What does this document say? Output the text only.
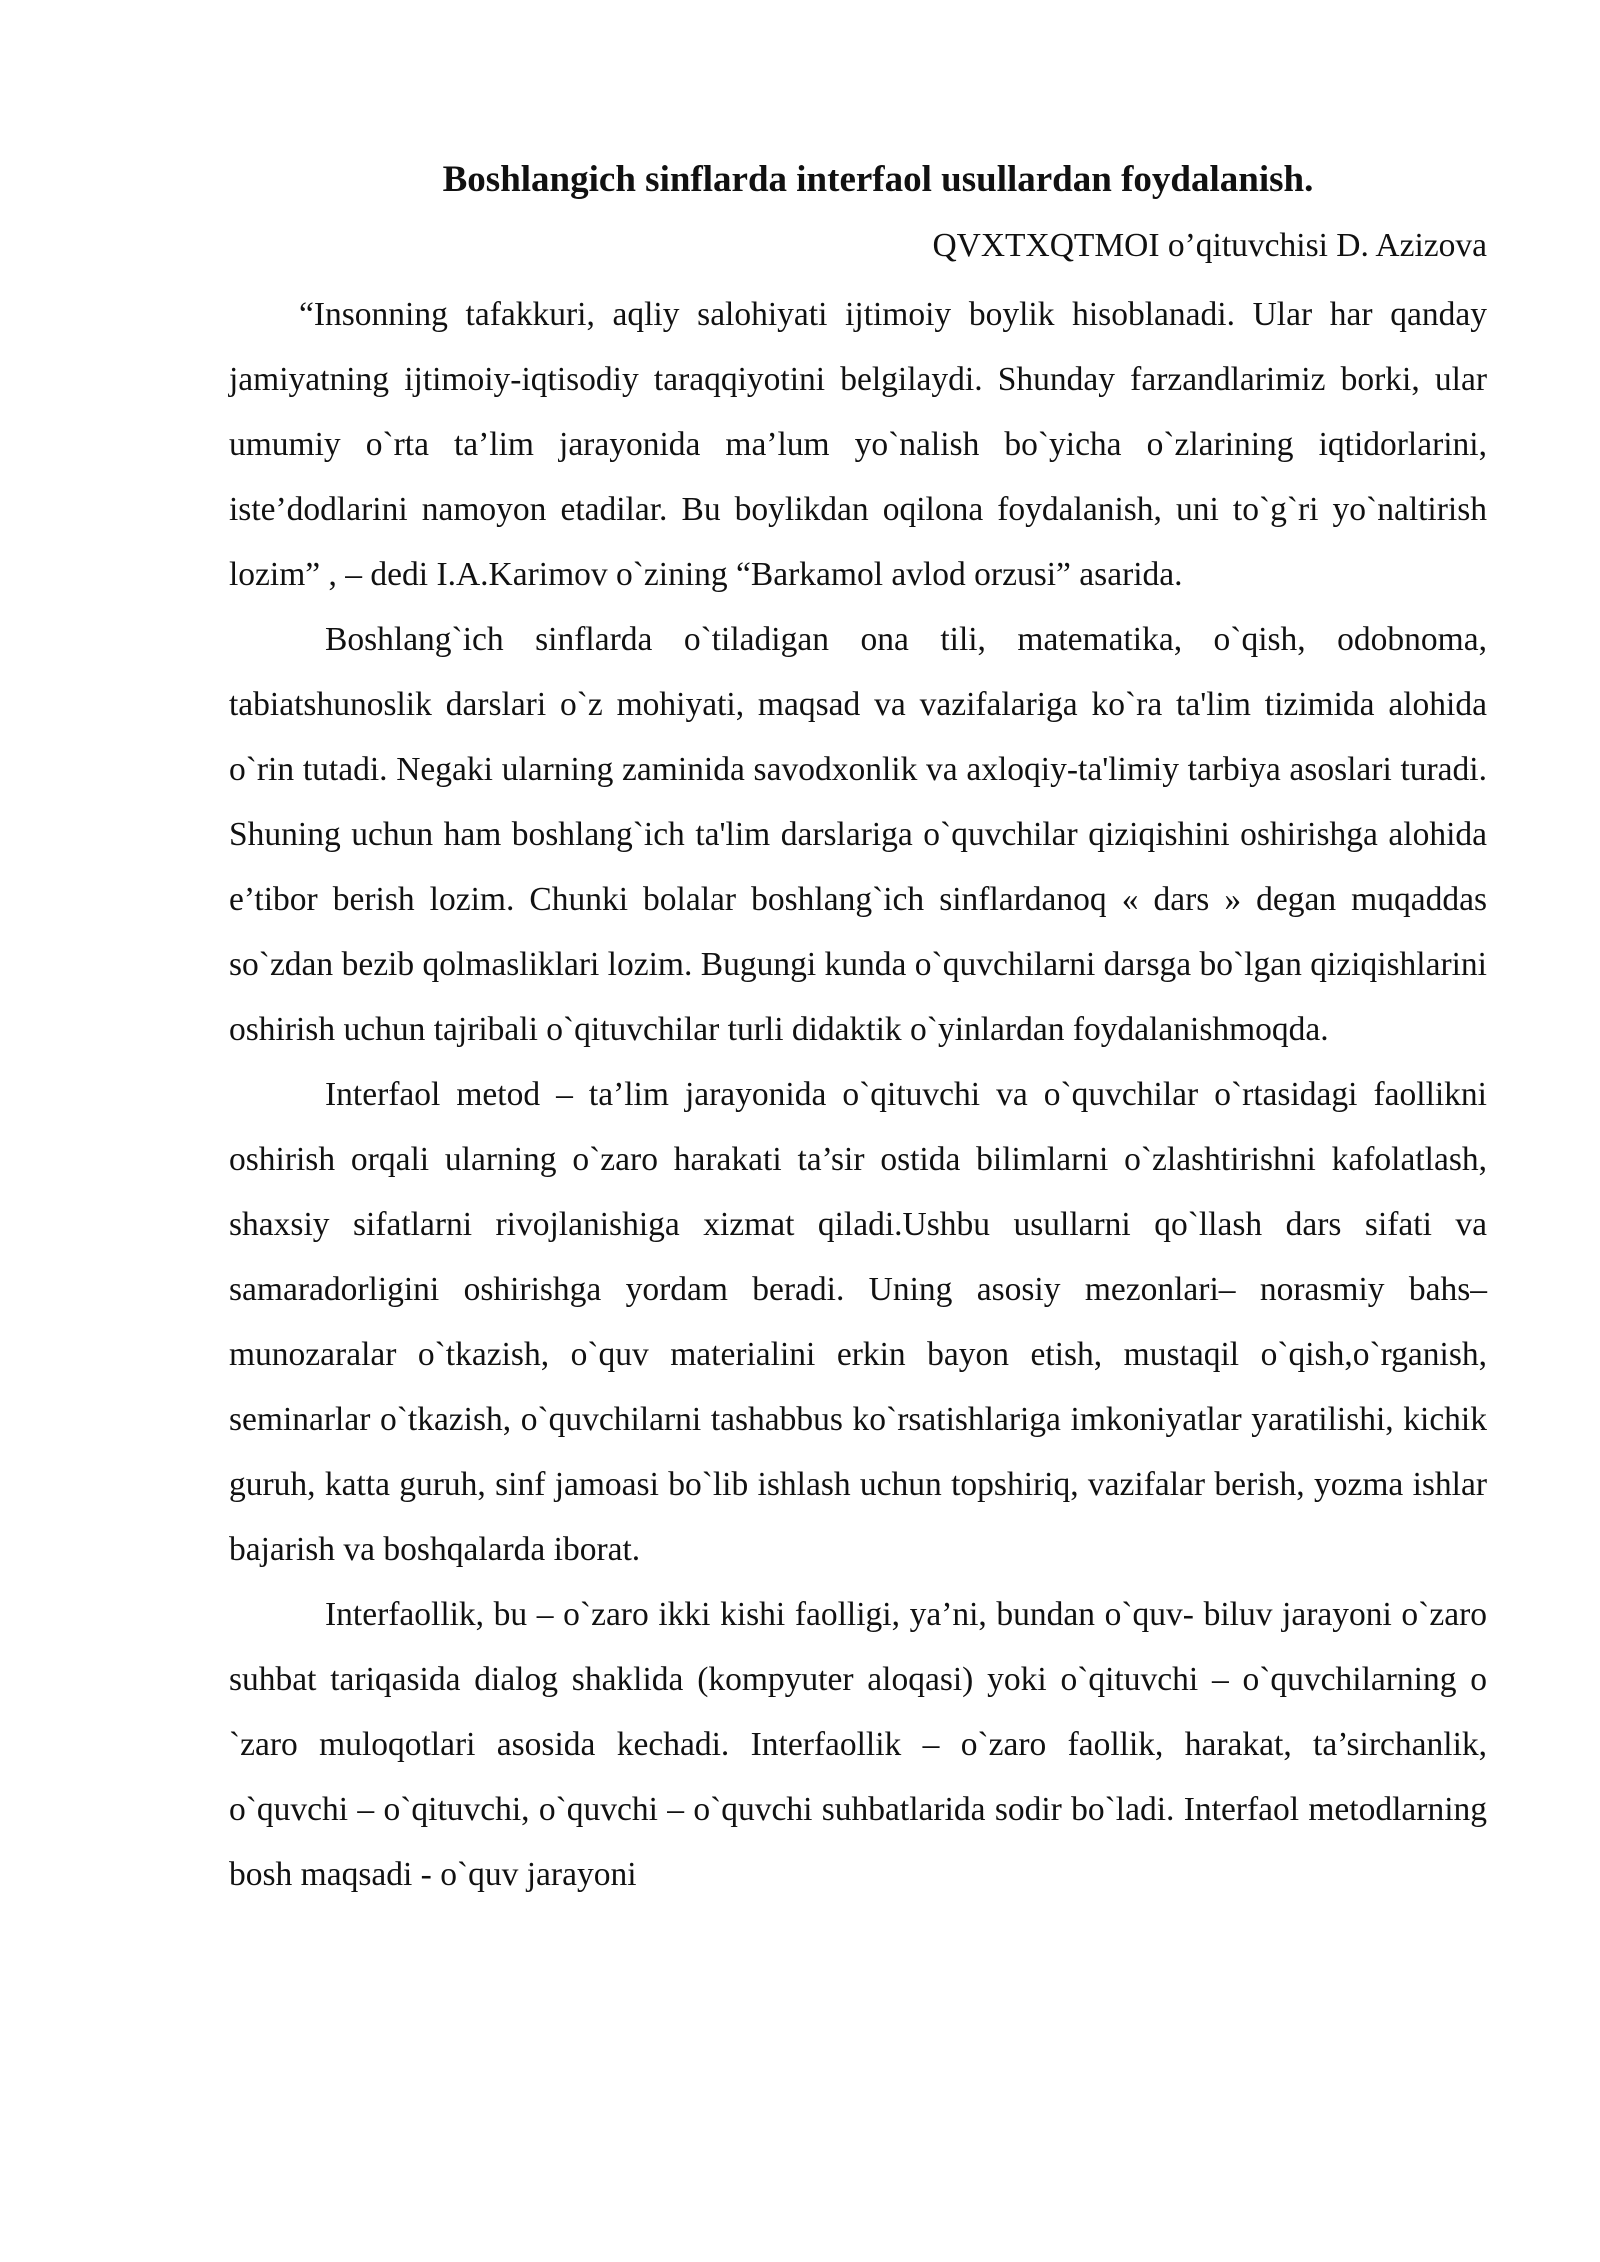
Boshlangich sinflarda interfaol usullardan foydalanish.

QVXTXQTMOI o’qituvchisi D. Azizova

“Insonning tafakkuri, aqliy salohiyati ijtimoiy boylik hisoblanadi. Ular har qanday jamiyatning ijtimoiy-iqtisodiy taraqqiyotini belgilaydi. Shunday farzandlarimiz borki, ular umumiy o`rta ta’lim jarayonida ma’lum yo`nalish bo`yicha o`zlarining iqtidorlarini, iste’dodlarini namoyon etadilar. Bu boylikdan oqilona foydalanish, uni to`g`ri yo`naltirish lozim” , – dedi I.A.Karimov o`zining “Barkamol avlod orzusi” asarida.

Boshlang`ich sinflarda o`tiladigan ona tili, matematika, o`qish, odobnoma, tabiatshunoslik darslari o`z mohiyati, maqsad va vazifalariga ko`ra ta'lim tizimida alohida o`rin tutadi. Negaki ularning zaminida savodxonlik va axloqiy-ta'limiy tarbiya asoslari turadi. Shuning uchun ham boshlang`ich ta'lim darslariga o`quvchilar qiziqishini oshirishga alohida e’tibor berish lozim. Chunki bolalar boshlang`ich sinflardanoq « dars » degan muqaddas so`zdan bezib qolmasliklari lozim. Bugungi kunda o`quvchilarni darsga bo`lgan qiziqishlarini oshirish uchun tajribali o`qituvchilar turli didaktik o`yinlardan foydalanishmoqda.

Interfaol metod – ta’lim jarayonida o`qituvchi va o`quvchilar o`rtasidagi faollikni oshirish orqali ularning o`zaro harakati ta’sir ostida bilimlarni o`zlashtirishni kafolatlash, shaxsiy sifatlarni rivojlanishiga xizmat qiladi.Ushbu usullarni qo`llash dars sifati va samaradorligini oshirishga yordam beradi. Uning asosiy mezonlari– norasmiy bahs– munozaralar o`tkazish, o`quv materialini erkin bayon etish, mustaqil o`qish,o`rganish, seminarlar o`tkazish, o`quvchilarni tashabbus ko`rsatishlariga imkoniyatlar yaratilishi, kichik guruh, katta guruh, sinf jamoasi bo`lib ishlash uchun topshiriq, vazifalar berish, yozma ishlar bajarish va boshqalarda iborat.

Interfaollik, bu – o`zaro ikki kishi faolligi, ya’ni, bundan o`quv- biluv jarayoni o`zaro suhbat tariqasida dialog shaklida (kompyuter aloqasi) yoki o`qituvchi – o`quvchilarning o `zaro muloqotlari asosida kechadi. Interfaollik – o`zaro faollik, harakat, ta’sirchanlik, o`quvchi – o`qituvchi, o`quvchi – o`quvchi suhbatlarida sodir bo`ladi. Interfaol metodlarning bosh maqsadi - o`quv jarayoni
